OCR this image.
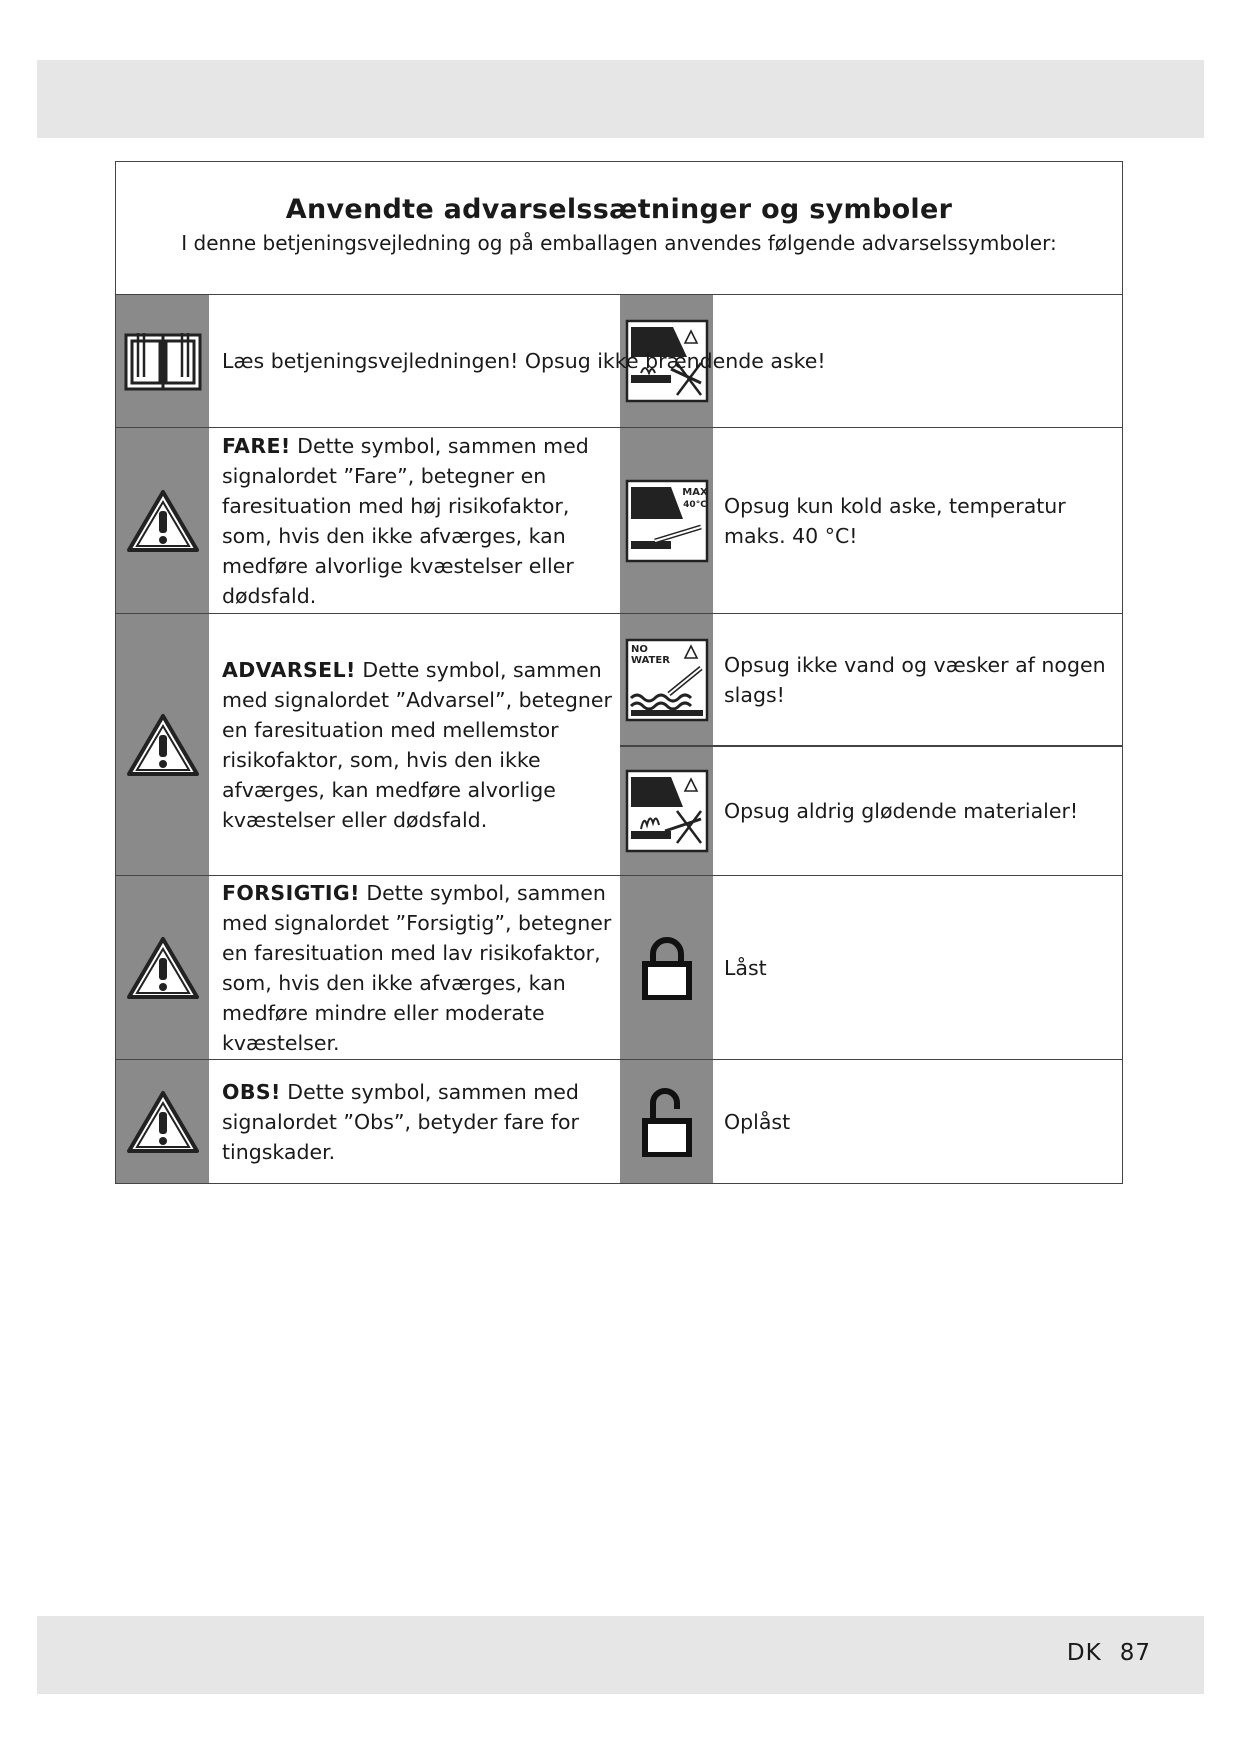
Anvendte advarselssætninger og symboler
I denne betjeningsvejledning og på emballagen anvendes følgende advarselssymboler:
Læs betjeningsvejledningen! Opsug ikke brændende aske!
FARE! Dette symbol, sammen med signalordet ”Fare”, betegner en faresituation med høj risikofaktor, som, hvis den ikke afværges, kan medføre alvorlige kvæstelser eller dødsfald.
MAX
40°C Opsug kun kold aske, temperatur maks. 40 °C!
ADVARSEL! Dette symbol, sammen med signalordet ”Advarsel”, betegner en faresituation med mellemstor risikofaktor, som, hvis den ikke afværges, kan medføre alvorlige kvæstelser eller dødsfald.
NO
WATER	Opsug ikke vand og væsker af nogen slags!
Opsug aldrig glødende materialer!
FORSIGTIG! Dette symbol, sammen med signalordet ”Forsigtig”, betegner en faresituation med lav risikofaktor, som, hvis den ikke afværges, kan medføre mindre eller moderate kvæstelser.
Låst
OBS! Dette symbol, sammen med signalordet ”Obs”, betyder fare for tingskader.
Oplåst
DK 87
